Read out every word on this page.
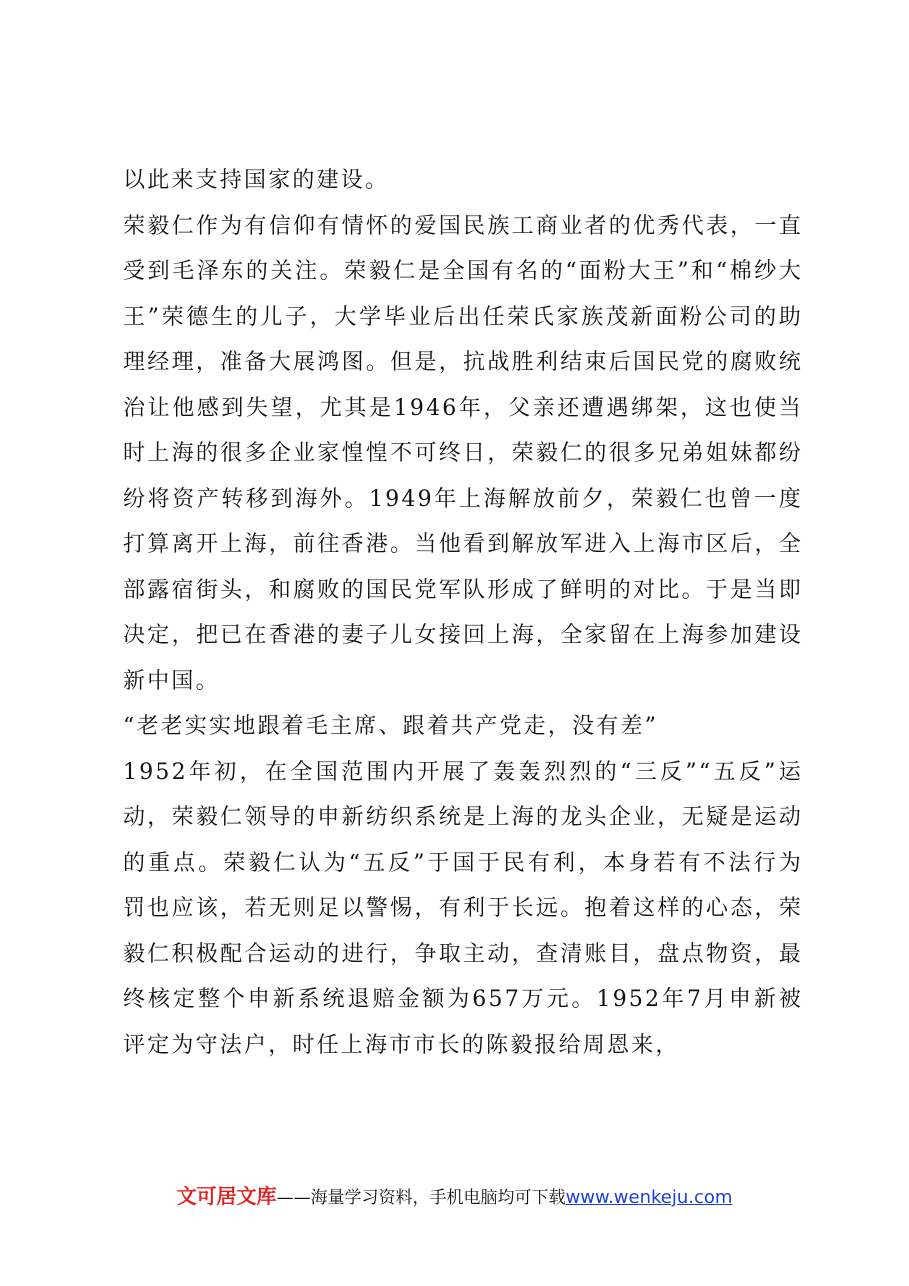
以此来支持国家的建设。

荣毅仁作为有信仰有情怀的爱国民族工商业者的优秀代表，一直受到毛泽东的关注。荣毅仁是全国有名的“面粉大王”和“棉纱大王”荣德生的儿子，大学毕业后出任荣氏家族茂新面粉公司的助理经理，准备大展鸿图。但是，抗战胜利结束后国民党的腐败统治让他感到失望，尤其是1946年，父亲还遭遇绑架，这也使当时上海的很多企业家惶惶不可终日，荣毅仁的很多兄弟姐妹都纷纷将资产转移到海外。1949年上海解放前夕，荣毅仁也曾一度打算离开上海，前往香港。当他看到解放军进入上海市区后，全部露宿街头，和腐败的国民党军队形成了鲜明的对比。于是当即决定，把已在香港的妻子儿女接回上海，全家留在上海参加建设新中国。

“老老实实地跟着毛主席、跟着共产党走，没有差”

1952年初，在全国范围内开展了轰轰烈烈的“三反”“五反”运动，荣毅仁领导的申新纺织系统是上海的龙头企业，无疑是运动的重点。荣毅仁认为“五反”于国于民有利，本身若有不法行为罚也应该，若无则足以警惕，有利于长远。抱着这样的心态，荣毅仁积极配合运动的进行，争取主动，查清账目，盘点物资，最终核定整个申新系统退赔金额为657万元。1952年7月申新被评定为守法户，时任上海市市长的陈毅报给周恩来，

文可居文库——海量学习资料，手机电脑均可下载www.wenkeju.com
